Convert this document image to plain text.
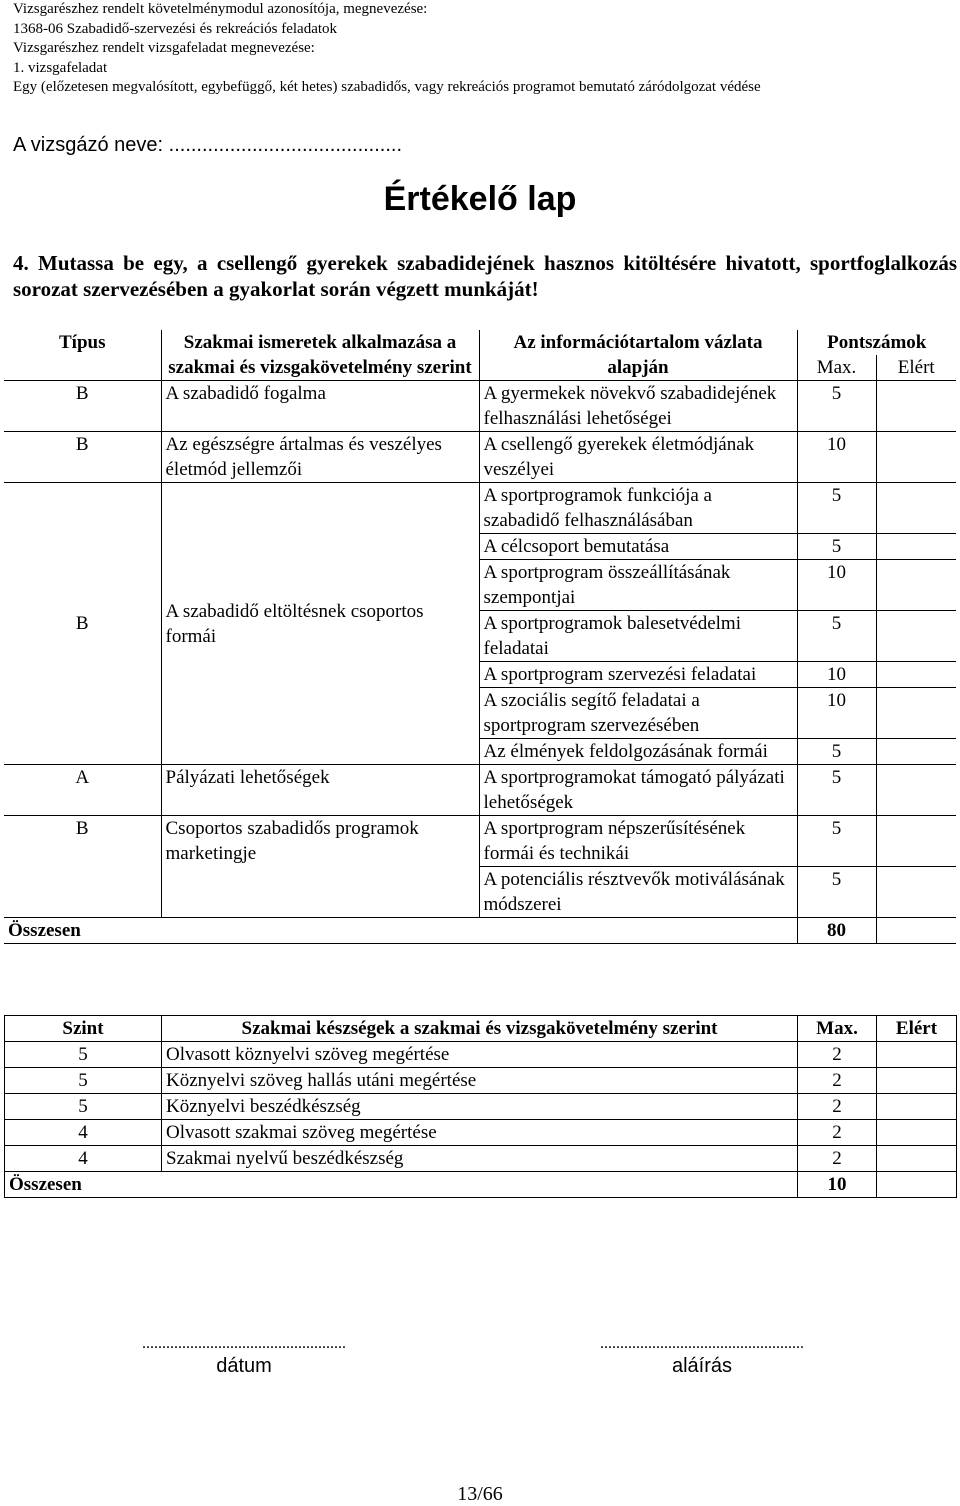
Vizsgarészhez rendelt követelménymodul azonosítója, megnevezése:
1368-06 Szabadidő-szervezési és rekreációs feladatok
Vizsgarészhez rendelt vizsgafeladat megnevezése:
1. vizsgafeladat
Egy (előzetesen megvalósított, egybefüggő, két hetes) szabadidős, vagy rekreációs programot bemutató záródolgozat védése
A vizsgázó neve: ..........................................
Értékelő lap
4. Mutassa be egy, a csellengő gyerekek szabadidejének hasznos kitöltésére hivatott, sportfoglalkozás sorozat szervezésében a gyakorlat során végzett munkáját!
Típus	Szakmai ismeretek alkalmazása a szakmai és vizsgakövetelmény szerint	Az információtartalom vázlata alapján	Pontszámok	
			Max.	Elért
B	A szabadidő fogalma	A gyermekek növekvő szabadidejének felhasználási lehetőségei	5	
B	Az egészségre ártalmas és veszélyes életmód jellemzői	A csellengő gyerekek életmódjának veszélyei	10	
B	A szabadidő eltöltésnek csoportos formái	A sportprogramok funkciója a szabadidő felhasználásában	5	
		A célcsoport bemutatása	5	
		A sportprogram összeállításának szempontjai	10	
		A sportprogramok balesetvédelmi feladatai	5	
		A sportprogram szervezési feladatai	10	
		A szociális segítő feladatai a sportprogram szervezésében	10	
		Az élmények feldolgozásának formái	5	
A	Pályázati lehetőségek	A sportprogramokat támogató pályázati lehetőségek	5	
B	Csoportos szabadidős programok marketingje	A sportprogram népszerűsítésének formái és technikái	5	
		A potenciális résztvevők motiválásának módszerei	5	
Összesen			80	
Szint	Szakmai készségek a szakmai és vizsgakövetelmény szerint	Max.	Elért
5	Olvasott köznyelvi szöveg megértése	2	
5	Köznyelvi szöveg hallás utáni megértése	2	
5	Köznyelvi beszédkészség	2	
4	Olvasott szakmai szöveg megértése	2	
4	Szakmai nyelvű beszédkészség	2	
Összesen		10	
...................................................
dátum
...................................................
aláírás
13/66
